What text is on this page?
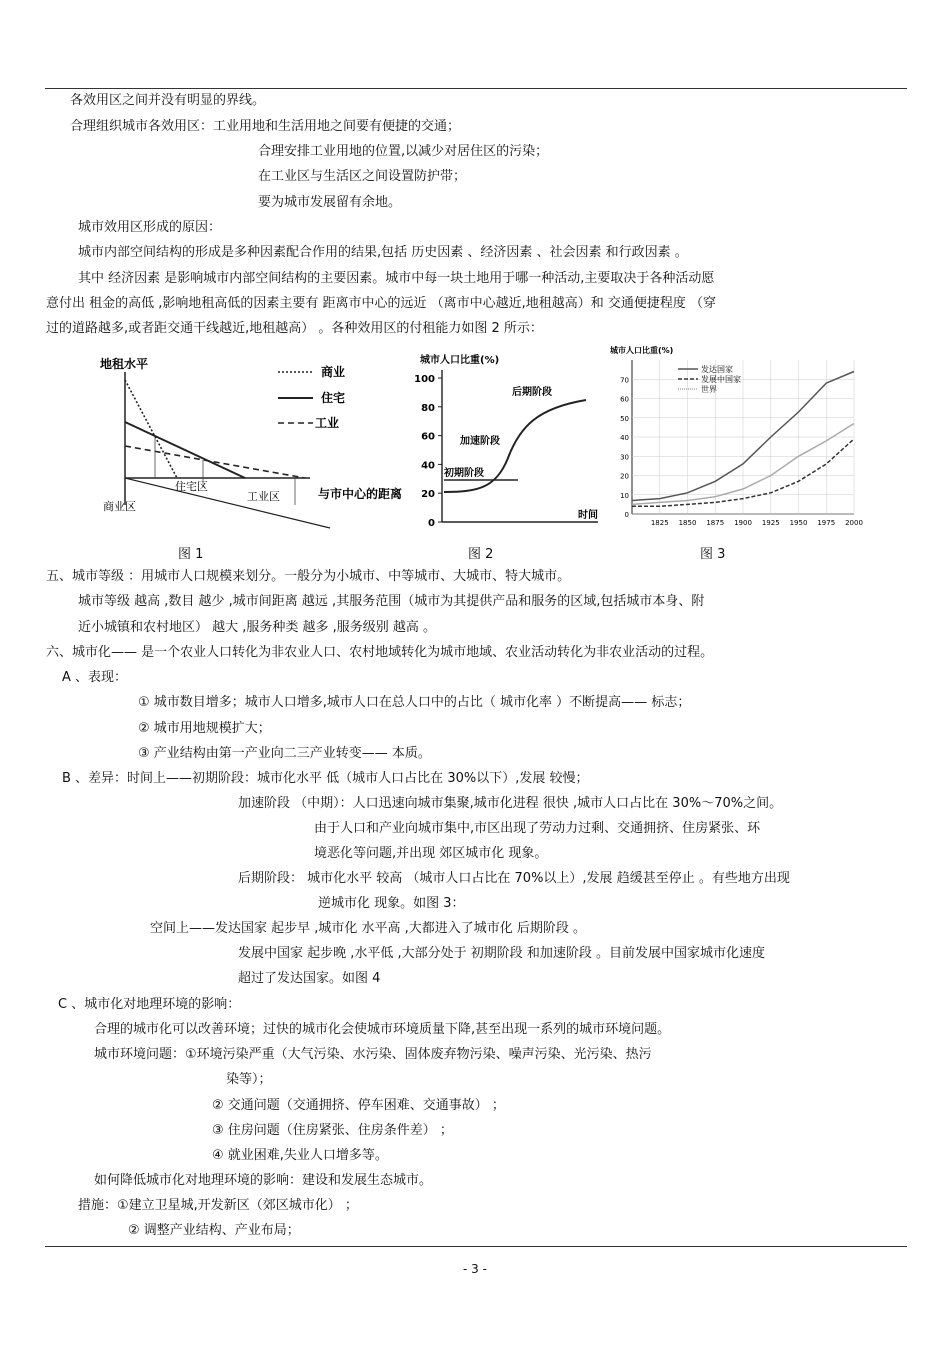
各效用区之间并没有明显的界线。
合理组织城市各效用区：工业用地和生活用地之间要有便捷的交通；
合理安排工业用地的位置,以减少对居住区的污染；
在工业区与生活区之间设置防护带；
要为城市发展留有余地。
城市效用区形成的原因：
城市内部空间结构的形成是多种因素配合作用的结果,包括 历史因素 、经济因素 、社会因素 和行政因素 。
其中 经济因素 是影响城市内部空间结构的主要因素。城市中每一块土地用于哪一种活动,主要取决于各种活动愿
意付出 租金的高低 ,影响地租高低的因素主要有 距离市中心的远近 （离市中心越近,地租越高）和 交通便捷程度 （穿
过的道路越多,或者距交通干线越近,地租越高） 。各种效用区的付租能力如图 2 所示：
五、城市等级 ：用城市人口规模来划分。一般分为小城市、中等城市、大城市、特大城市。
城市等级 越高 ,数目 越少 ,城市间距离 越远 ,其服务范围（城市为其提供产品和服务的区域,包括城市本身、附
近小城镇和农村地区） 越大 ,服务种类 越多 ,服务级别 越高 。
六、城市化—— 是一个农业人口转化为非农业人口、农村地域转化为城市地域、农业活动转化为非农业活动的过程。
A 、表现：
① 城市数目增多；城市人口增多,城市人口在总人口中的占比（ 城市化率 ）不断提高—— 标志；
② 城市用地规模扩大；
③ 产业结构由第一产业向二三产业转变—— 本质。
B 、差异：时间上——初期阶段：城市化水平 低（城市人口占比在 30%以下）,发展 较慢；
加速阶段 （中期）：人口迅速向城市集聚,城市化进程 很快 ,城市人口占比在 30%～70%之间。
由于人口和产业向城市集中,市区出现了劳动力过剩、交通拥挤、住房紧张、环
境恶化等问题,并出现 郊区城市化 现象。
后期阶段： 城市化水平 较高 （城市人口占比在 70%以上）,发展 趋缓甚至停止 。有些地方出现
逆城市化 现象。如图 3：
空间上——发达国家 起步早 ,城市化 水平高 ,大都进入了城市化 后期阶段 。
发展中国家 起步晚 ,水平低 ,大部分处于 初期阶段 和加速阶段 。目前发展中国家城市化速度
超过了发达国家。如图 4
C 、城市化对地理环境的影响：
合理的城市化可以改善环境；过快的城市化会使城市环境质量下降,甚至出现一系列的城市环境问题。
城市环境问题：①环境污染严重（大气污染、水污染、固体废弃物污染、噪声污染、光污染、热污
染等）；
② 交通问题（交通拥挤、停车困难、交通事故） ；
③ 住房问题（住房紧张、住房条件差） ；
④ 就业困难,失业人口增多等。
如何降低城市化对地理环境的影响：建设和发展生态城市。
措施：①建立卫星城,开发新区（郊区城市化） ；
② 调整产业结构、产业布局；
地租水平
商业区
住宅区
工业区	与市中心的距离
商业
住宅
工业
图 1
城市人口比重(%)
100
80
60
40
20
0
初期阶段
加速阶段
后期阶段
时间
图 2
城市人口比重(%)
70
60
50
40
30
20
10
0
1825 1850 1875 1900 1925 1950 1975 2000
发达国家
发展中国家
世界
图 3
- 3 -
